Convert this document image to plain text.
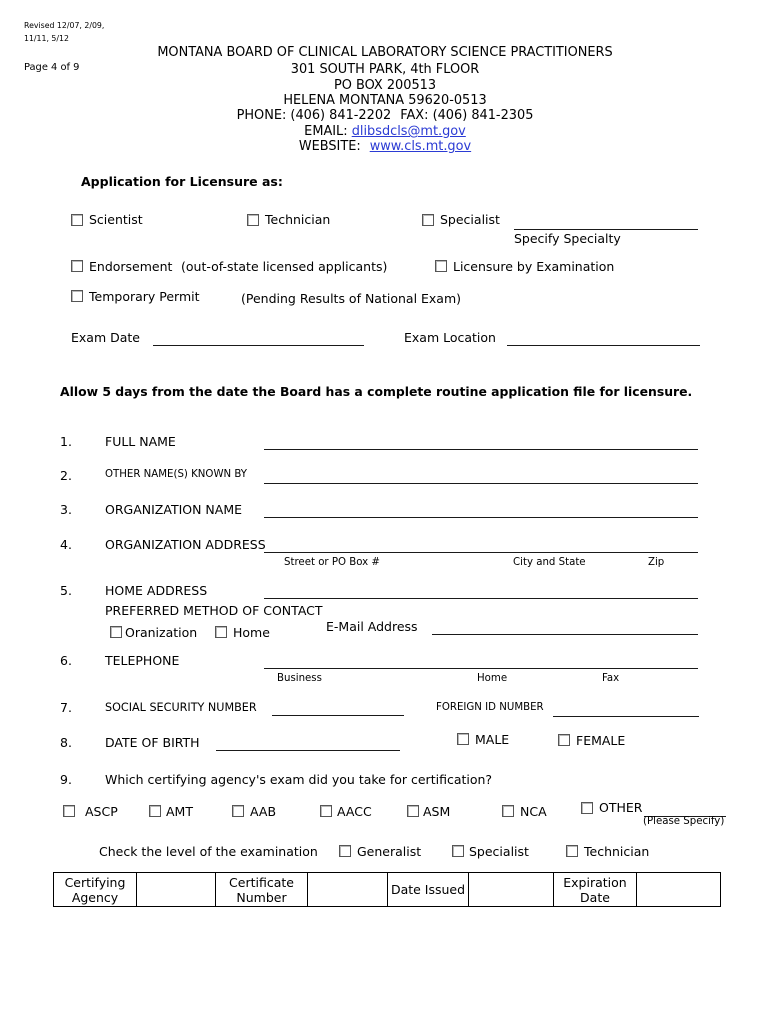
Revised 12/07, 2/09,
11/11, 5/12
Page 4 of 9
MONTANA BOARD OF CLINICAL LABORATORY SCIENCE PRACTITIONERS
301 SOUTH PARK, 4th FLOOR
PO BOX 200513
HELENA MONTANA 59620-0513
PHONE: (406) 841-2202 FAX: (406) 841-2305
EMAIL: dlibsdcls@mt.gov
WEBSITE: www.cls.mt.gov
Application for Licensure as:
Scientist	Technician	Specialist
Specify Specialty
Endorsement (out-of-state licensed applicants)	Licensure by Examination
Temporary Permit	(Pending Results of National Exam)
Exam Date	Exam Location
Allow 5 days from the date the Board has a complete routine application file for licensure.
1.	FULL NAME
2.	OTHER NAME(S) KNOWN BY
3.	ORGANIZATION NAME
4.	ORGANIZATION ADDRESS
Street or PO Box #	City and State	Zip
5.	HOME ADDRESS
PREFERRED METHOD OF CONTACT
Oranization	Home	E-Mail Address
6.	TELEPHONE
Business	Home	Fax
7.	SOCIAL SECURITY NUMBER	FOREIGN ID NUMBER
8.	DATE OF BIRTH	MALE	FEMALE
9.	Which certifying agency's exam did you take for certification?
ASCP	AMT	AAB	AACC	ASM	NCA	OTHER
(Please Specify)
Check the level of the examination	Generalist	Specialist	Technician
Certifying Agency		Certificate Number		Date Issued		Expiration Date	
